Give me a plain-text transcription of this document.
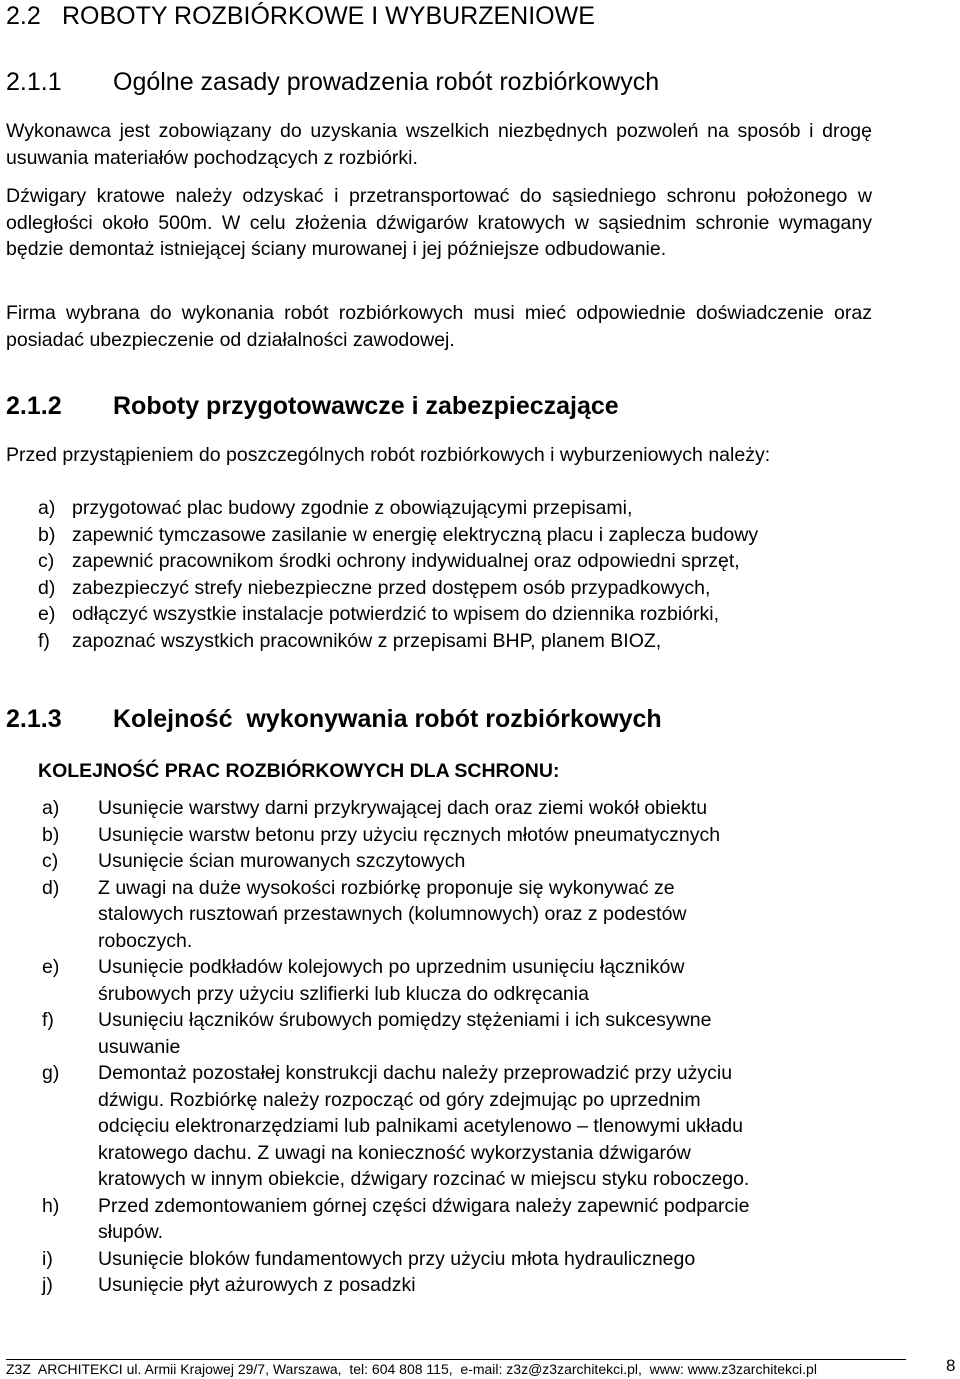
2.2 ROBOTY ROZBIÓRKOWE I WYBURZENIOWE
2.1.1 Ogólne zasady prowadzenia robót rozbiórkowych
Wykonawca jest zobowiązany do uzyskania wszelkich niezbędnych pozwoleń na sposób i drogę usuwania materiałów pochodzących z rozbiórki.
Dźwigary kratowe należy odzyskać i przetransportować do sąsiedniego schronu położonego w odległości około 500m. W celu złożenia dźwigarów kratowych w sąsiednim schronie wymagany będzie demontaż istniejącej ściany murowanej i jej późniejsze odbudowanie.
Firma wybrana do wykonania robót rozbiórkowych musi mieć odpowiednie doświadczenie oraz posiadać ubezpieczenie od działalności zawodowej.
2.1.2 Roboty przygotowawcze i zabezpieczające
Przed przystąpieniem do poszczególnych robót rozbiórkowych i wyburzeniowych należy:
a) przygotować plac budowy zgodnie z obowiązującymi przepisami,
b) zapewnić tymczasowe zasilanie w energię elektryczną placu i zaplecza budowy
c) zapewnić pracownikom środki ochrony indywidualnej oraz odpowiedni sprzęt,
d) zabezpieczyć strefy niebezpieczne przed dostępem osób przypadkowych,
e) odłączyć wszystkie instalacje potwierdzić to wpisem do dziennika rozbiórki,
f)	zapoznać wszystkich pracowników z przepisami BHP, planem BIOZ,
2.1.3 Kolejność  wykonywania robót rozbiórkowych
KOLEJNOŚĆ PRAC ROZBIÓRKOWYCH DLA SCHRONU:
a)	Usunięcie warstwy darni przykrywającej dach oraz ziemi wokół obiektu
b)	Usunięcie warstw betonu przy użyciu ręcznych młotów pneumatycznych
c)	Usunięcie ścian murowanych szczytowych
d)	Z uwagi na duże wysokości rozbiórkę proponuje się wykonywać ze
stalowych rusztowań przestawnych (kolumnowych) oraz z podestów
roboczych.
e)	Usunięcie podkładów kolejowych po uprzednim usunięciu łączników
śrubowych przy użyciu szlifierki lub klucza do odkręcania
f)	Usunięciu łączników śrubowych pomiędzy stężeniami i ich sukcesywne
usuwanie
g)	Demontaż pozostałej konstrukcji dachu należy przeprowadzić przy użyciu
dźwigu. Rozbiórkę należy rozpocząć od góry zdejmując po uprzednim
odcięciu elektronarzędziami lub palnikami acetylenowo – tlenowymi układu
kratowego dachu. Z uwagi na konieczność wykorzystania dźwigarów
kratowych w innym obiekcie, dźwigary rozcinać w miejscu styku roboczego.
h)	Przed zdemontowaniem górnej części dźwigara należy zapewnić podparcie
słupów.
i)	Usunięcie bloków fundamentowych przy użyciu młota hydraulicznego
j)	Usunięcie płyt ażurowych z posadzki
Z3Z  ARCHITEKCI ul. Armii Krajowej 29/7, Warszawa,  tel: 604 808 115,  e-mail: z3z@z3zarchitekci.pl,  www: www.z3zarchitekci.pl	8
